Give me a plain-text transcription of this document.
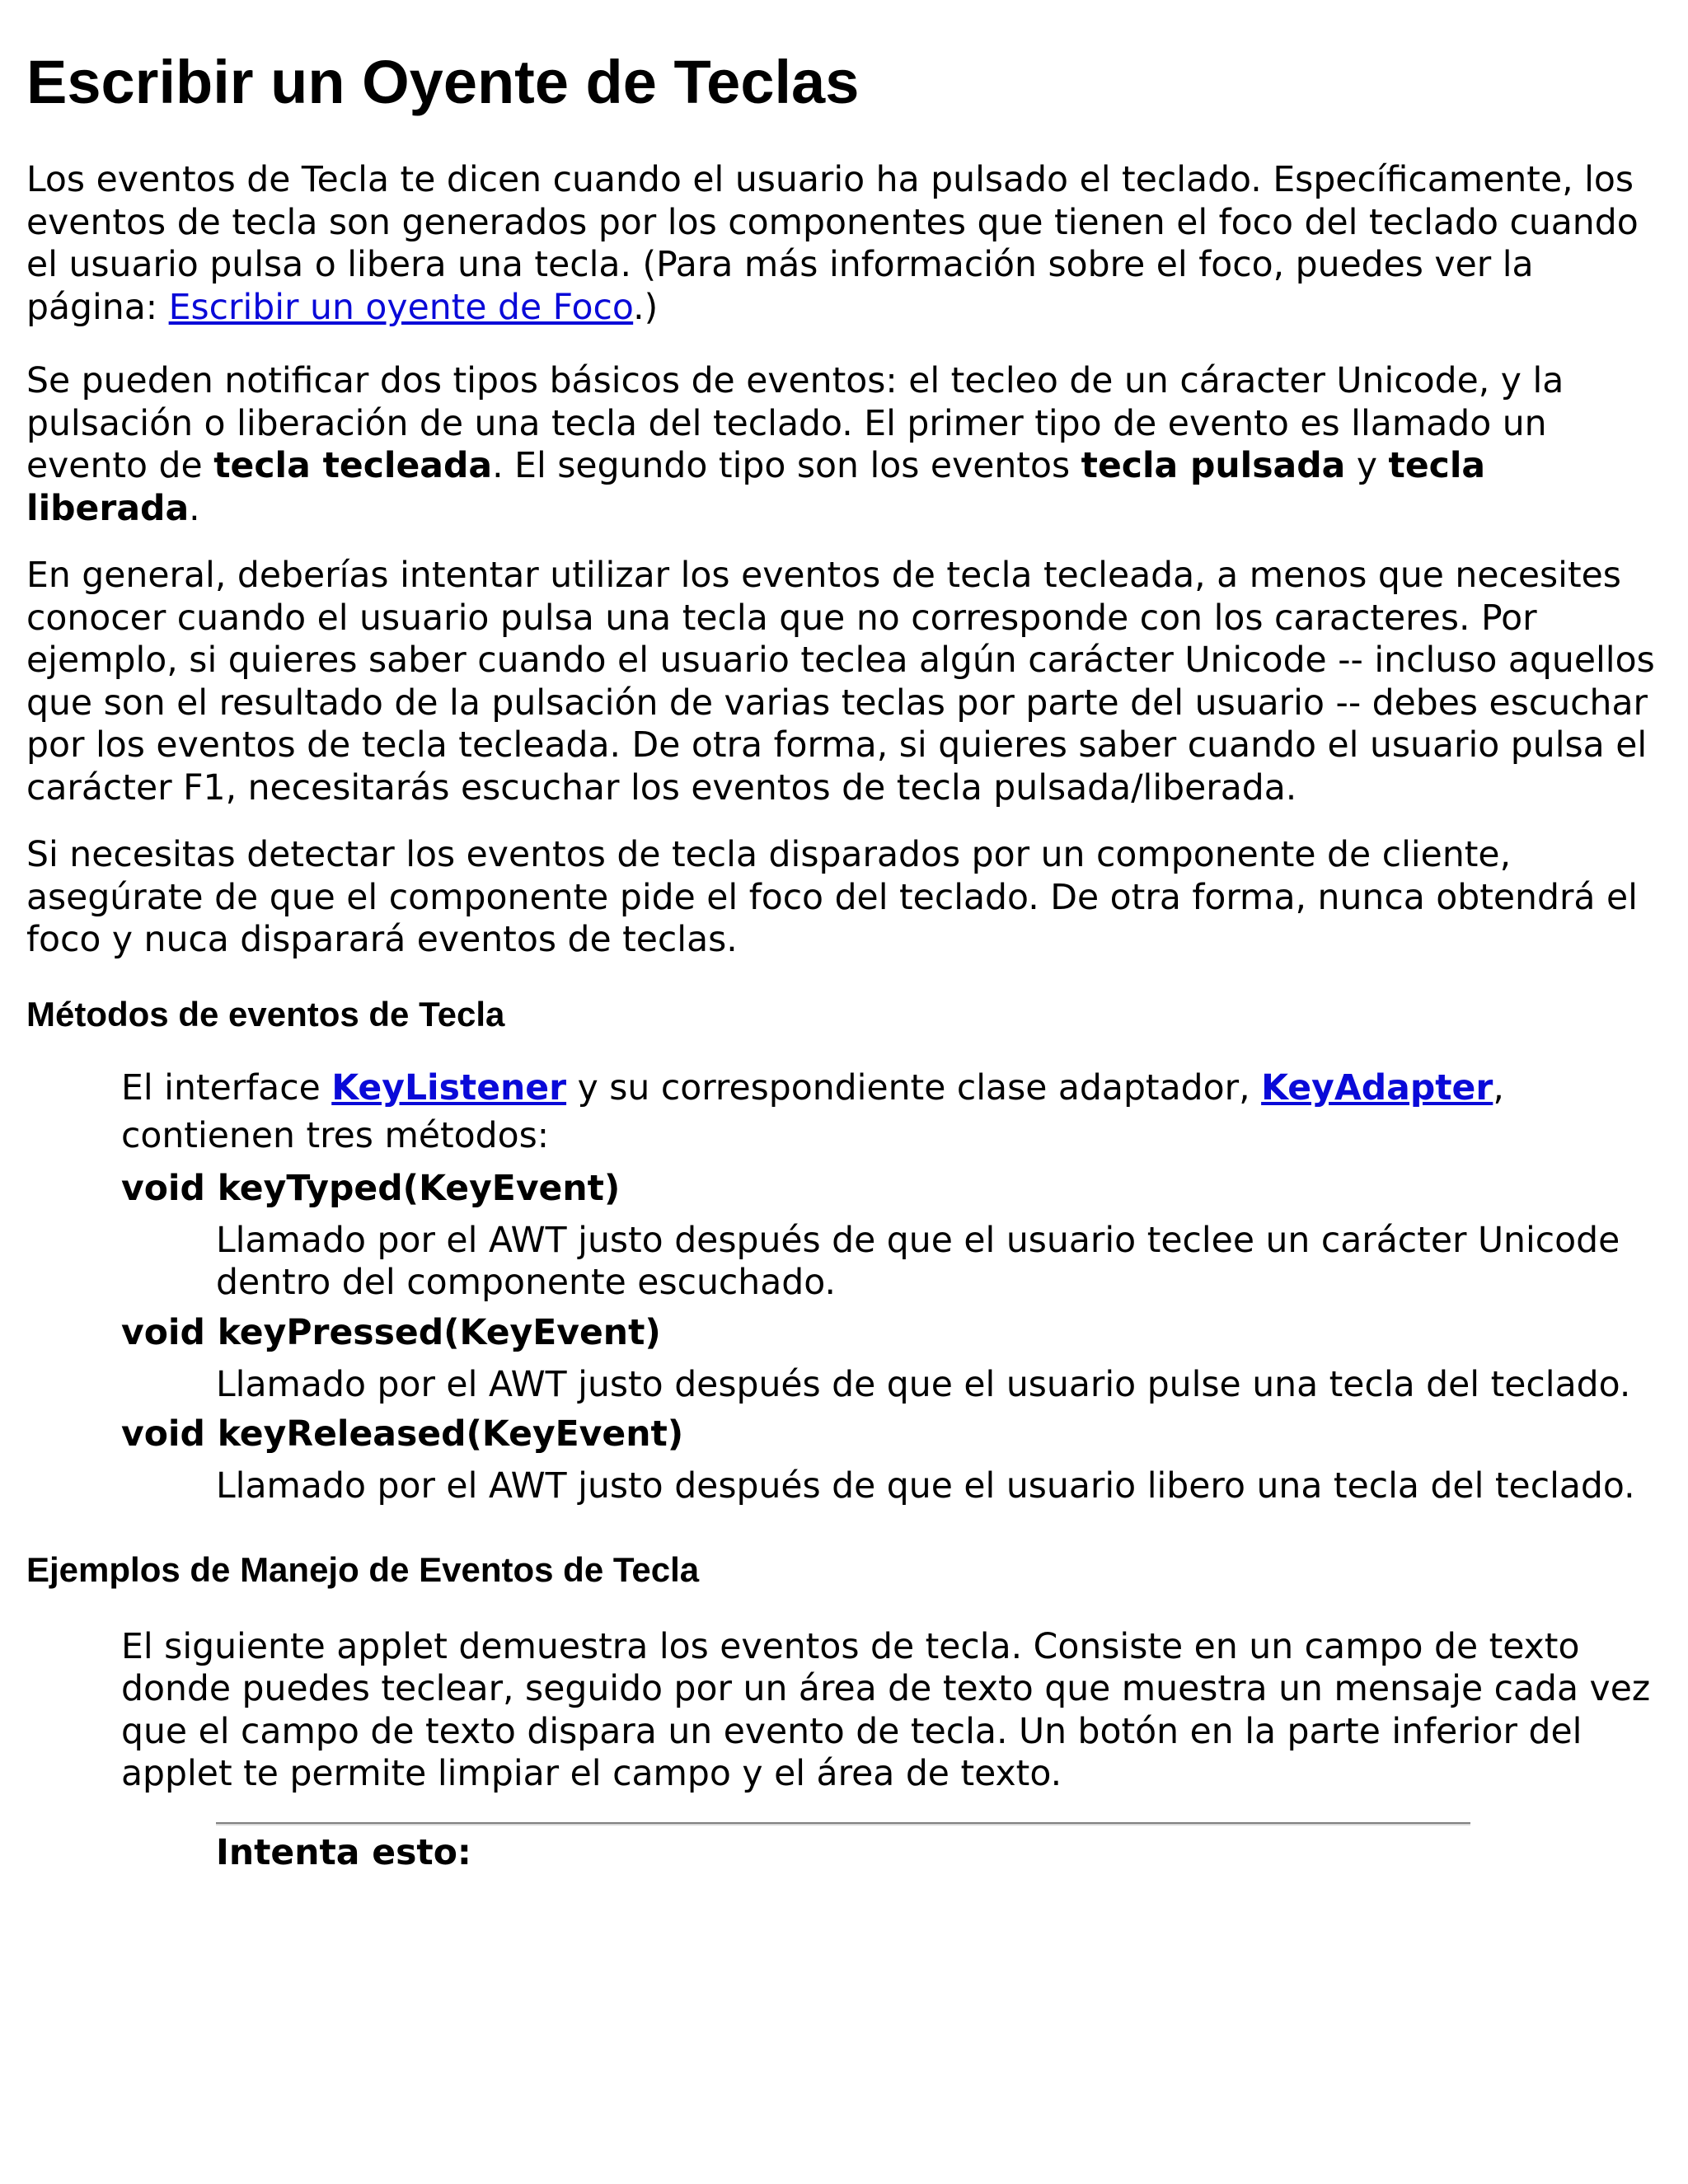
Escribir un Oyente de Teclas

Los eventos de Tecla te dicen cuando el usuario ha pulsado el teclado. Específicamente, los eventos de tecla son generados por los componentes que tienen el foco del teclado cuando el usuario pulsa o libera una tecla. (Para más información sobre el foco, puedes ver la página: Escribir un oyente de Foco.)

Se pueden notificar dos tipos básicos de eventos: el tecleo de un cáracter Unicode, y la pulsación o liberación de una tecla del teclado. El primer tipo de evento es llamado un evento de tecla tecleada. El segundo tipo son los eventos tecla pulsada y tecla liberada.

En general, deberías intentar utilizar los eventos de tecla tecleada, a menos que necesites conocer cuando el usuario pulsa una tecla que no corresponde con los caracteres. Por ejemplo, si quieres saber cuando el usuario teclea algún carácter Unicode -- incluso aquellos que son el resultado de la pulsación de varias teclas por parte del usuario -- debes escuchar por los eventos de tecla tecleada. De otra forma, si quieres saber cuando el usuario pulsa el carácter F1, necesitarás escuchar los eventos de tecla pulsada/liberada.

Si necesitas detectar los eventos de tecla disparados por un componente de cliente, asegúrate de que el componente pide el foco del teclado. De otra forma, nunca obtendrá el foco y nuca disparará eventos de teclas.

Métodos de eventos de Tecla

El interface KeyListener y su correspondiente clase adaptador, KeyAdapter, contienen tres métodos:

void keyTyped(KeyEvent)

Llamado por el AWT justo después de que el usuario teclee un carácter Unicode dentro del componente escuchado.

void keyPressed(KeyEvent)

Llamado por el AWT justo después de que el usuario pulse una tecla del teclado.

void keyReleased(KeyEvent)

Llamado por el AWT justo después de que el usuario libero una tecla del teclado.

Ejemplos de Manejo de Eventos de Tecla

El siguiente applet demuestra los eventos de tecla. Consiste en un campo de texto donde puedes teclear, seguido por un área de texto que muestra un mensaje cada vez que el campo de texto dispara un evento de tecla. Un botón en la parte inferior del applet te permite limpiar el campo y el área de texto.

Intenta esto:
